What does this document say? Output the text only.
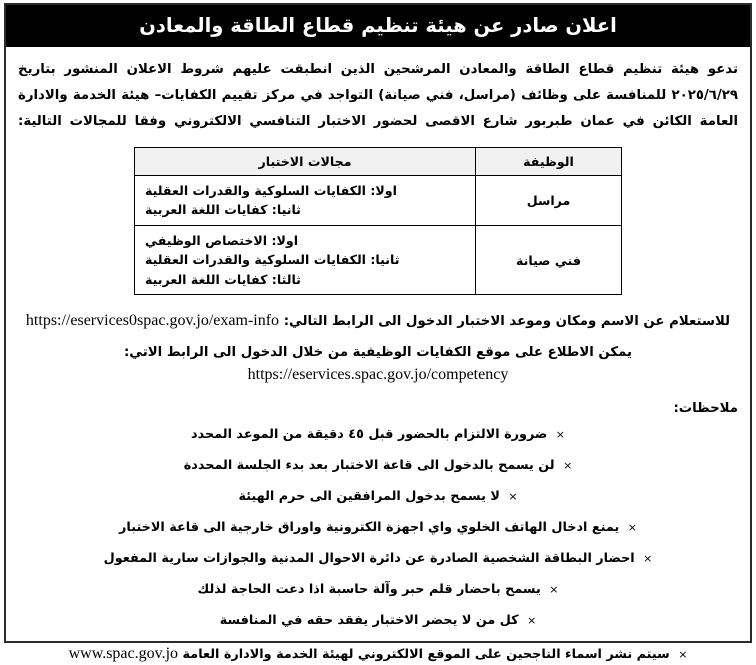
اعلان صادر عن هيئة تنظيم قطاع الطاقة والمعادن

تدعو هيئة تنظيم قطاع الطاقة والمعادن المرشحين الذين انطبقت عليهم شروط الاعلان المنشور بتاريخ ٢٠٢٥/٦/٢٩ للمنافسة على وظائف (مراسل، فني صيانة) التواجد في مركز تقييم الكفايات– هيئة الخدمة والادارة العامة الكائن في عمان طبربور شارع الاقصى لحضور الاختبار التنافسي الالكتروني وفقا للمجالات التالية:

الوظيفة	مجالات الاختبار
مراسل	اولا: الكفايات السلوكية والقدرات العقلية
ثانيا: كفايات اللغة العربية

فني صيانة	اولا: الاختصاص الوظيفي
ثانيا: الكفايات السلوكية والقدرات العقلية
ثالثا: كفايات اللغة العربية
للاستعلام عن الاسم ومكان وموعد الاختبار الدخول الى الرابط التالي: https://eservices0spac.gov.jo/exam-info
يمكن الاطلاع على موقع الكفايات الوظيفية من خلال الدخول الى الرابط الاتي: https://eservices.spac.gov.jo/competency
ملاحظات:
× ضرورة الالتزام بالحضور قبل ٤٥ دقيقة من الموعد المحدد
× لن يسمح بالدخول الى قاعة الاختبار بعد بدء الجلسة المحددة
× لا يسمح بدخول المرافقين الى حرم الهيئة
× يمنع ادخال الهاتف الخلوي واي اجهزة الكترونية واوراق خارجية الى قاعة الاختبار
× احضار البطاقة الشخصية الصادرة عن دائرة الاحوال المدنية والجوازات سارية المفعول
× يسمح باحضار قلم حبر وآلة حاسبة اذا دعت الحاجة لذلك
× كل من لا يحضر الاختبار يفقد حقه في المنافسة
× سيتم نشر اسماء الناجحين على الموقع الالكتروني لهيئة الخدمة والادارة العامة www.spac.gov.jo
